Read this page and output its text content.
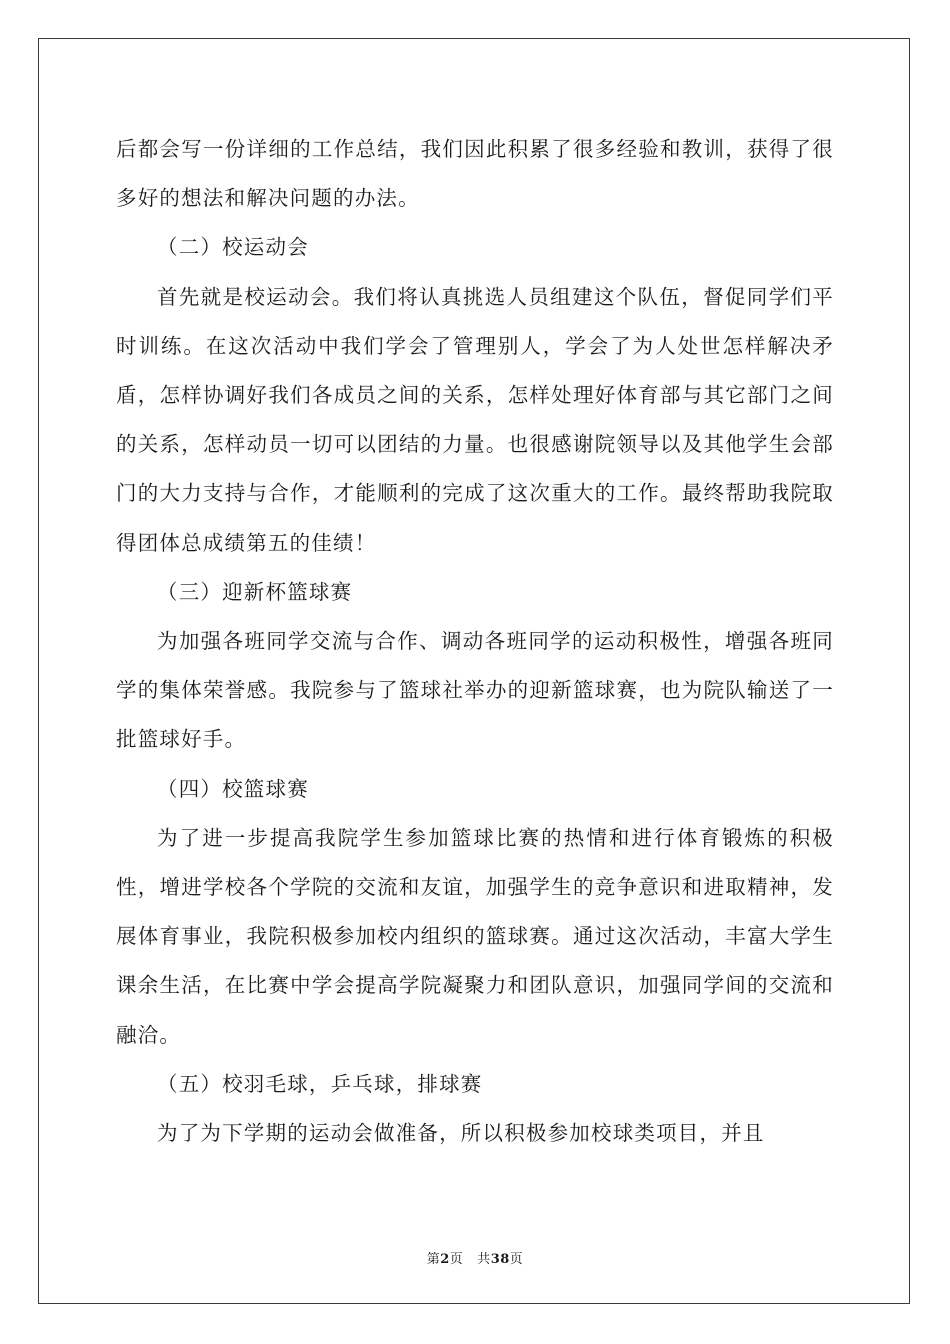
后都会写一份详细的工作总结，我们因此积累了很多经验和教训，获得了很多好的想法和解决问题的办法。

（二）校运动会

首先就是校运动会。我们将认真挑选人员组建这个队伍，督促同学们平时训练。在这次活动中我们学会了管理别人，学会了为人处世怎样解决矛盾，怎样协调好我们各成员之间的关系，怎样处理好体育部与其它部门之间的关系，怎样动员一切可以团结的力量。也很感谢院领导以及其他学生会部门的大力支持与合作，才能顺利的完成了这次重大的工作。最终帮助我院取得团体总成绩第五的佳绩！

（三）迎新杯篮球赛

为加强各班同学交流与合作、调动各班同学的运动积极性，增强各班同学的集体荣誉感。我院参与了篮球社举办的迎新篮球赛，也为院队输送了一批篮球好手。

（四）校篮球赛

为了进一步提高我院学生参加篮球比赛的热情和进行体育锻炼的积极性，增进学校各个学院的交流和友谊，加强学生的竞争意识和进取精神，发展体育事业，我院积极参加校内组织的篮球赛。通过这次活动，丰富大学生课余生活，在比赛中学会提高学院凝聚力和团队意识，加强同学间的交流和融洽。

（五）校羽毛球，乒乓球，排球赛

为了为下学期的运动会做准备，所以积极参加校球类项目，并且

第2页 共38页
